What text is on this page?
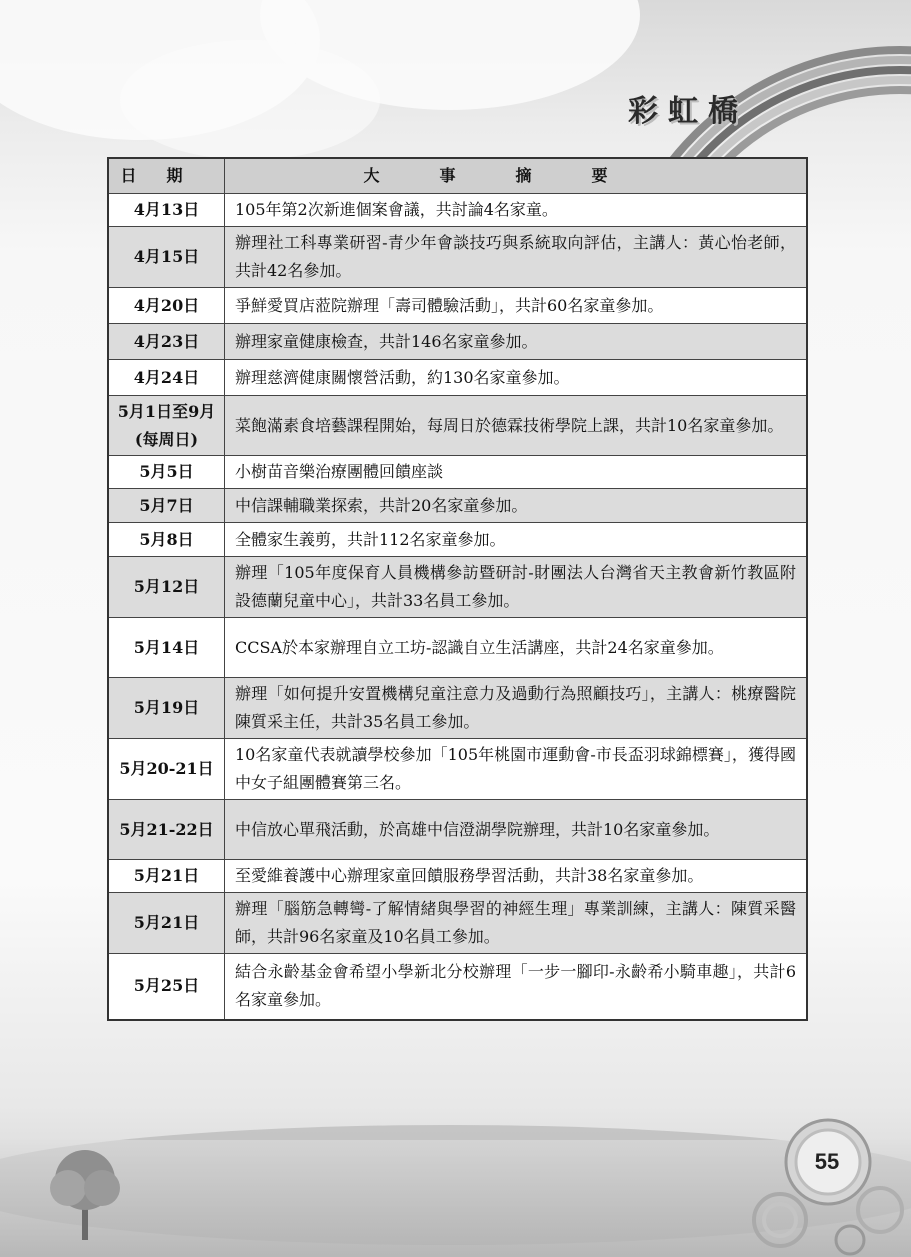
彩虹橋
日期	大事摘要
4月13日	105年第2次新進個案會議，共討論4名家童。
4月15日	辦理社工科專業研習-青少年會談技巧與系統取向評估，主講人：黃心怡老師，共計42名參加。
4月20日	爭鮮愛買店蒞院辦理「壽司體驗活動」，共計60名家童參加。
4月23日	辦理家童健康檢查，共計146名家童參加。
4月24日	辦理慈濟健康關懷營活動，約130名家童參加。
5月1日至9月(每周日)	菜飽滿素食培藝課程開始，每周日於德霖技術學院上課，共計10名家童參加。
5月5日	小樹苗音樂治療團體回饋座談
5月7日	中信課輔職業探索，共計20名家童參加。
5月8日	全體家生義剪，共計112名家童參加。
5月12日	辦理「105年度保育人員機構參訪暨研討-財團法人台灣省天主教會新竹教區附設德蘭兒童中心」，共計33名員工參加。
5月14日	CCSA於本家辦理自立工坊-認識自立生活講座，共計24名家童參加。
5月19日	辦理「如何提升安置機構兒童注意力及過動行為照顧技巧」，主講人：桃療醫院陳質采主任，共計35名員工參加。
5月20-21日	10名家童代表就讀學校參加「105年桃園市運動會-市長盃羽球錦標賽」，獲得國中女子組團體賽第三名。
5月21-22日	中信放心單飛活動，於高雄中信澄湖學院辦理，共計10名家童參加。
5月21日	至愛維養護中心辦理家童回饋服務學習活動，共計38名家童參加。
5月21日	辦理「腦筋急轉彎-了解情緒與學習的神經生理」專業訓練，主講人：陳質采醫師，共計96名家童及10名員工參加。
5月25日	結合永齡基金會希望小學新北分校辦理「一步一腳印-永齡希小騎車趣」，共計6名家童參加。
55
